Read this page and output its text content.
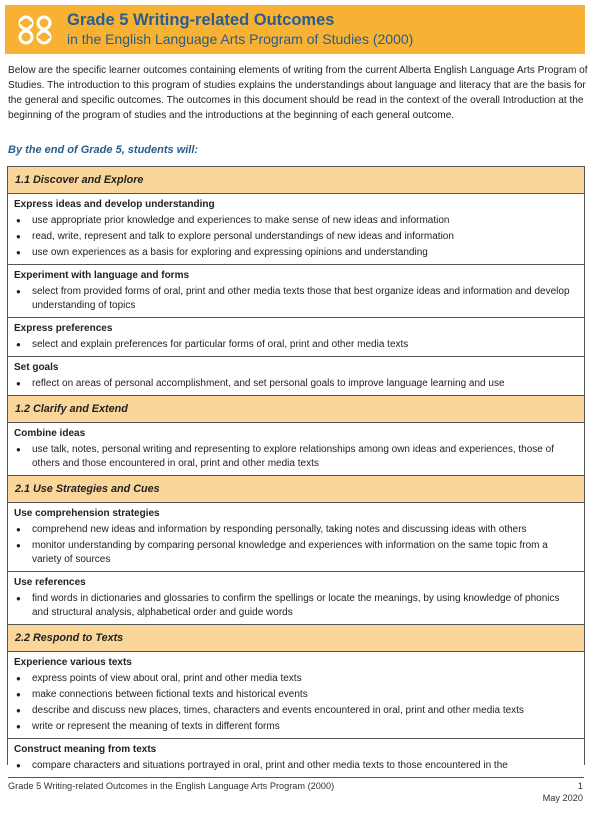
Grade 5 Writing-related Outcomes
in the English Language Arts Program of Studies (2000)
Below are the specific learner outcomes containing elements of writing from the current Alberta English Language Arts Program of Studies. The introduction to this program of studies explains the understandings about language and literacy that are the basis for the general and specific outcomes. The outcomes in this document should be read in the context of the overall Introduction at the beginning of the program of studies and the introductions at the beginning of each general outcome.
By the end of Grade 5, students will:
1.1 Discover and Explore
Express ideas and develop understanding
●	use appropriate prior knowledge and experiences to make sense of new ideas and information
●	read, write, represent and talk to explore personal understandings of new ideas and information
●	use own experiences as a basis for exploring and expressing opinions and understanding
Experiment with language and forms
●	select from provided forms of oral, print and other media texts those that best organize ideas and information and develop understanding of topics
Express preferences
●	select and explain preferences for particular forms of oral, print and other media texts
Set goals
●	reflect on areas of personal accomplishment, and set personal goals to improve language learning and use
1.2 Clarify and Extend
Combine ideas
●	use talk, notes, personal writing and representing to explore relationships among own ideas and experiences, those of others and those encountered in oral, print and other media texts
2.1 Use Strategies and Cues
Use comprehension strategies
●	comprehend new ideas and information by responding personally, taking notes and discussing ideas with others
●	monitor understanding by comparing personal knowledge and experiences with information on the same topic from a variety of sources
Use references
●	find words in dictionaries and glossaries to confirm the spellings or locate the meanings, by using knowledge of phonics and structural analysis, alphabetical order and guide words
2.2 Respond to Texts
Experience various texts
●	express points of view about oral, print and other media texts
●	make connections between fictional texts and historical events
●	describe and discuss new places, times, characters and events encountered in oral, print and other media texts
●	write or represent the meaning of texts in different forms
Construct meaning from texts
●	compare characters and situations portrayed in oral, print and other media texts to those encountered in the
Grade 5 Writing-related Outcomes in the English Language Arts Program (2000)	1
May 2020
